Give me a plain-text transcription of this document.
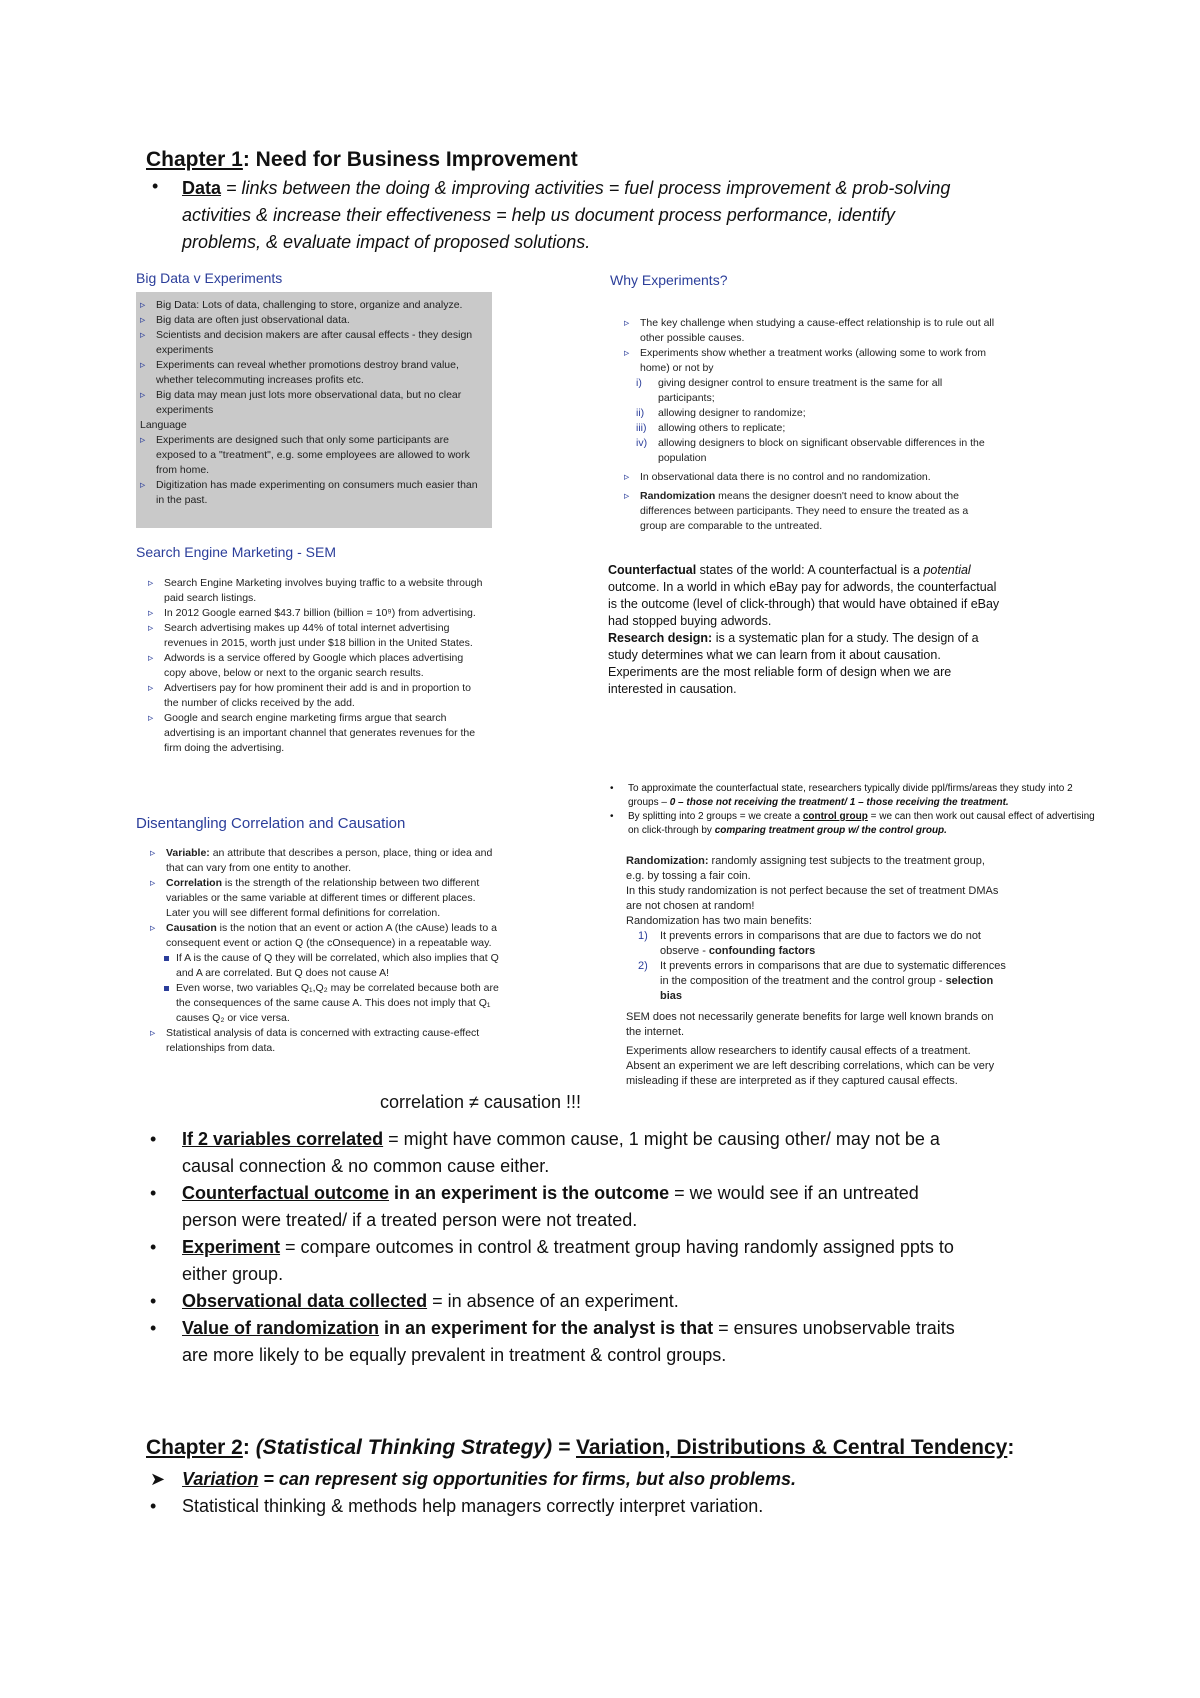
Chapter 1: Need for Business Improvement
• Data = links between the doing & improving activities = fuel process improvement & prob-solving
activities & increase their effectiveness = help us document process performance, identify
problems, & evaluate impact of proposed solutions.
Big Data v Experiments
▹ Big Data: Lots of data, challenging to store, organize and analyze.
▹ Big data are often just observational data.
▹ Scientists and decision makers are after causal effects - they design experiments
▹ Experiments can reveal whether promotions destroy brand value, whether telecommuting increases profits etc.
▹ Big data may mean just lots more observational data, but no clear experiments
Language
▹ Experiments are designed such that only some participants are exposed to a "treatment", e.g. some employees are allowed to work from home.
▹ Digitization has made experimenting on consumers much easier than in the past.
Search Engine Marketing - SEM
▹ Search Engine Marketing involves buying traffic to a website through paid search listings.
▹ In 2012 Google earned $43.7 billion (billion = 10⁹) from advertising.
▹ Search advertising makes up 44% of total internet advertising revenues in 2015, worth just under $18 billion in the United States.
▹ Adwords is a service offered by Google which places advertising copy above, below or next to the organic search results.
▹ Advertisers pay for how prominent their add is and in proportion to the number of clicks received by the add.
▹ Google and search engine marketing firms argue that search advertising is an important channel that generates revenues for the firm doing the advertising.
Disentangling Correlation and Causation
▹ Variable: an attribute that describes a person, place, thing or idea and that can vary from one entity to another.
▹ Correlation is the strength of the relationship between two different variables or the same variable at different times or different places.
Later you will see different formal definitions for correlation.
▹ Causation is the notion that an event or action A (the cAuse) leads to a consequent event or action Q (the cOnsequence) in a repeatable way.
If A is the cause of Q they will be correlated, which also implies that Q and A are correlated. But Q does not cause A!
Even worse, two variables Q₁,Q₂ may be correlated because both are the consequences of the same cause A. This does not imply that Q₁ causes Q₂ or vice versa.
▹ Statistical analysis of data is concerned with extracting cause-effect relationships from data.
correlation ≠ causation !!!
Why Experiments?
▹ The key challenge when studying a cause-effect relationship is to rule out all other possible causes.
▹ Experiments show whether a treatment works (allowing some to work from home) or not by
i) giving designer control to ensure treatment is the same for all participants;
ii) allowing designer to randomize;
iii) allowing others to replicate;
iv) allowing designers to block on significant observable differences in the population
▹ In observational data there is no control and no randomization.
▹ Randomization means the designer doesn't need to know about the differences between participants. They need to ensure the treated as a group are comparable to the untreated.
Counterfactual states of the world: A counterfactual is a potential outcome. In a world in which eBay pay for adwords, the counterfactual is the outcome (level of click-through) that would have obtained if eBay had stopped buying adwords.
Research design: is a systematic plan for a study. The design of a study determines what we can learn from it about causation. Experiments are the most reliable form of design when we are interested in causation.
• To approximate the counterfactual state, researchers typically divide ppl/firms/areas they study into 2 groups – 0 – those not receiving the treatment/ 1 – those receiving the treatment.
• By splitting into 2 groups = we create a control group = we can then work out causal effect of advertising on click-through by comparing treatment group w/ the control group.
Randomization: randomly assigning test subjects to the treatment group, e.g. by tossing a fair coin.
In this study randomization is not perfect because the set of treatment DMAs are not chosen at random!
Randomization has two main benefits:
1) It prevents errors in comparisons that are due to factors we do not observe - confounding factors
2) It prevents errors in comparisons that are due to systematic differences in the composition of the treatment and the control group - selection bias
SEM does not necessarily generate benefits for large well known brands on the internet.
Experiments allow researchers to identify causal effects of a treatment. Absent an experiment we are left describing correlations, which can be very misleading if these are interpreted as if they captured causal effects.
• If 2 variables correlated = might have common cause, 1 might be causing other/ may not be a
causal connection & no common cause either.
• Counterfactual outcome in an experiment is the outcome = we would see if an untreated
person were treated/ if a treated person were not treated.
• Experiment = compare outcomes in control & treatment group having randomly assigned ppts to
either group.
• Observational data collected = in absence of an experiment.
• Value of randomization in an experiment for the analyst is that = ensures unobservable traits
are more likely to be equally prevalent in treatment & control groups.
Chapter 2: (Statistical Thinking Strategy) = Variation, Distributions & Central Tendency:
➤ Variation = can represent sig opportunities for firms, but also problems.
• Statistical thinking & methods help managers correctly interpret variation.
